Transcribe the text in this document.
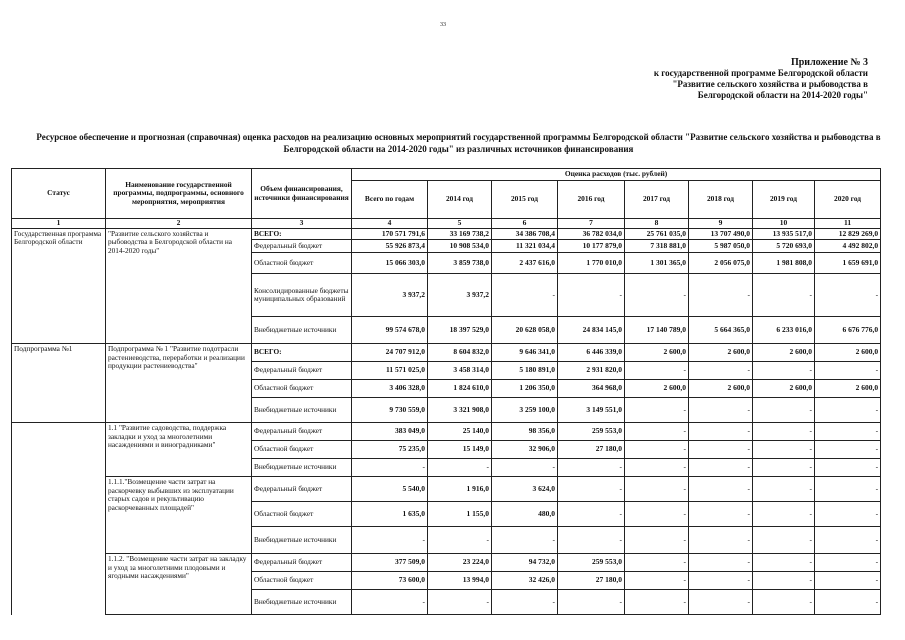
33
Приложение № 3
к государственной программе Белгородской области
"Развитие сельского хозяйства и рыбоводства в
Белгородской области на 2014-2020 годы"
Ресурсное обеспечение и прогнозная (справочная) оценка расходов на реализацию основных мероприятий государственной программы Белгородской области "Развитие сельского хозяйства и рыбоводства в Белгородской области на 2014-2020 годы" из различных источников финансирования
Статус	Наименование государственной программы, подпрограммы, основного мероприятия, мероприятия	Объем финансирования, источники финансирования	Оценка расходов (тыс. рублей)							
			Всего по годам	2014 год	2015 год	2016 год	2017 год	2018 год	2019 год	2020 год
1	2	3	4	5	6	7	8	9	10	11
Государственная программа Белгородской области	"Развитие сельского хозяйства и рыбоводства в Белгородской области на 2014-2020 годы"	ВСЕГО:	170 571 791,6	33 169 738,2	34 386 708,4	36 782 034,0	25 761 035,0	13 707 490,0	13 935 517,0	12 829 269,0
		Федеральный бюджет	55 926 873,4	10 908 534,0	11 321 034,4	10 177 879,0	7 318 881,0	5 987 050,0	5 720 693,0	4 492 802,0
		Областной бюджет	15 066 303,0	3 859 738,0	2 437 616,0	1 770 010,0	1 301 365,0	2 056 075,0	1 981 808,0	1 659 691,0
		Консолидированные бюджеты муниципальных образований	3 937,2	3 937,2	-	-	-	-	-	-
		Внебюджетные источники	99 574 678,0	18 397 529,0	20 628 058,0	24 834 145,0	17 140 789,0	5 664 365,0	6 233 016,0	6 676 776,0
Подпрограмма №1	Подпрограмма № 1 "Развитие подотрасли растениеводства, переработки и реализации продукции растениеводства"	ВСЕГО:	24 707 912,0	8 604 832,0	9 646 341,0	6 446 339,0	2 600,0	2 600,0	2 600,0	2 600,0
		Федеральный бюджет	11 571 025,0	3 458 314,0	5 180 891,0	2 931 820,0	-	-	-	-
		Областной бюджет	3 406 328,0	1 824 610,0	1 206 350,0	364 968,0	2 600,0	2 600,0	2 600,0	2 600,0
		Внебюджетные источники	9 730 559,0	3 321 908,0	3 259 100,0	3 149 551,0	-	-	-	-
	1.1 "Развитие садоводства, поддержка закладки и уход за многолетними насаждениями и виноградниками"	Федеральный бюджет	383 049,0	25 140,0	98 356,0	259 553,0	-	-	-	-
		Областной бюджет	75 235,0	15 149,0	32 906,0	27 180,0	-	-	-	-
		Внебюджетные источники	-	-	-	-	-	-	-	-
	1.1.1."Возмещение части затрат на раскорчевку выбывших из эксплуатации старых садов и рекультивацию раскорчеванных площадей"	Федеральный бюджет	5 540,0	1 916,0	3 624,0	-	-	-	-	-
		Областной бюджет	1 635,0	1 155,0	480,0	-	-	-	-	-
		Внебюджетные источники	-	-	-	-	-	-	-	-
	1.1.2. "Возмещение части затрат на закладку и уход за многолетними плодовыми и ягодными насаждениями"	Федеральный бюджет	377 509,0	23 224,0	94 732,0	259 553,0	-	-	-	-
		Областной бюджет	73 600,0	13 994,0	32 426,0	27 180,0	-	-	-	-
		Внебюджетные источники	-	-	-	-	-	-	-	-
